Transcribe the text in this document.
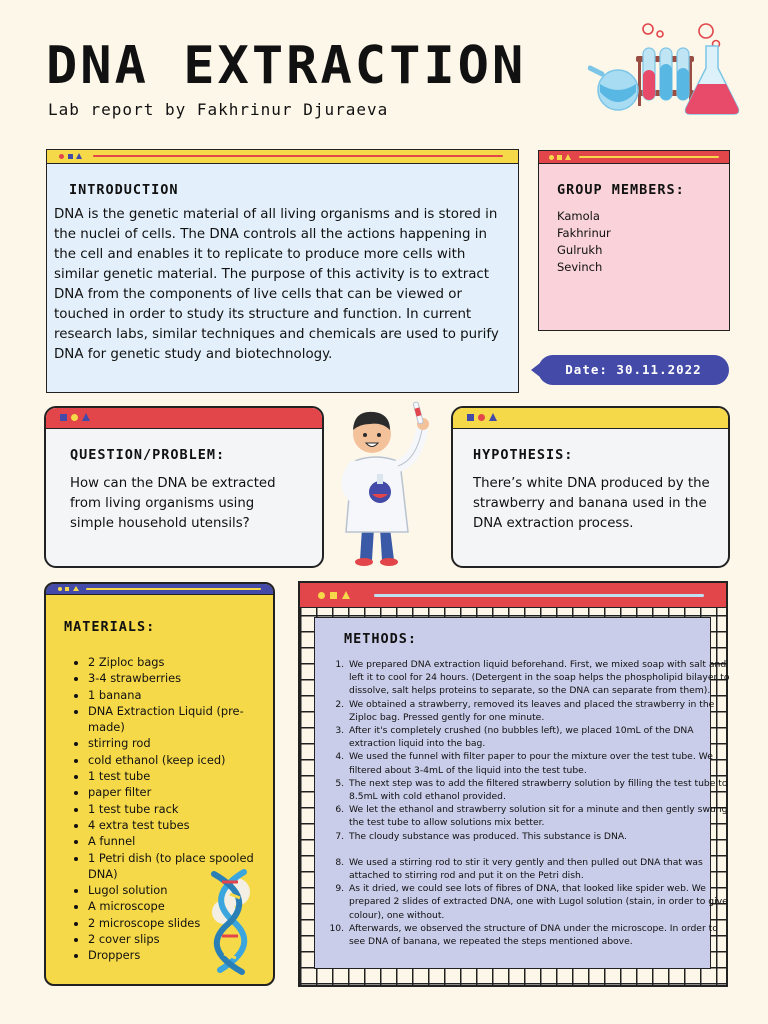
DNA EXTRACTION
Lab report by Fakhrinur Djuraeva
INTRODUCTION
DNA is the genetic material of all living organisms and is stored in the nuclei of cells. The DNA controls all the actions happening in the cell and enables it to replicate to produce more cells with similar genetic material. The purpose of this activity is to extract DNA from the components of live cells that can be viewed or touched in order to study its structure and function. In current research labs, similar techniques and chemicals are used to purify DNA for genetic study and biotechnology.
GROUP MEMBERS:
Kamola
Fakhrinur
Gulrukh
Sevinch
Date: 30.11.2022
QUESTION/PROBLEM:
How can the DNA be extracted from living organisms using simple household utensils?
HYPOTHESIS:
There’s white DNA produced by the strawberry and banana used in the DNA extraction process.
MATERIALS:
• 2 Ziploc bags
• 3-4 strawberries
• 1 banana
• DNA Extraction Liquid (pre-made)
• stirring rod
• cold ethanol (keep iced)
• 1 test tube
• paper filter
• 1 test tube rack
• 4 extra test tubes
• A funnel
• 1 Petri dish (to place spooled DNA)
• Lugol solution
• A microscope
• 2 microscope slides
• 2 cover slips
• Droppers
METHODS:
1. We prepared DNA extraction liquid beforehand. First, we mixed soap with salt and left it to cool for 24 hours. (Detergent in the soap helps the phospholipid bilayer to dissolve, salt helps proteins to separate, so the DNA can separate from them).
2. We obtained a strawberry, removed its leaves and placed the strawberry in the Ziploc bag. Pressed gently for one minute.
3. After it's completely crushed (no bubbles left), we placed 10mL of the DNA extraction liquid into the bag.
4. We used the funnel with filter paper to pour the mixture over the test tube. We filtered about 3-4mL of the liquid into the test tube.
5. The next step was to add the filtered strawberry solution by filling the test tube to 8.5mL with cold ethanol provided.
6. We let the ethanol and strawberry solution sit for a minute and then gently swung the test tube to allow solutions mix better.
7. The cloudy substance was produced. This substance is DNA.
8. We used a stirring rod to stir it very gently and then pulled out DNA that was attached to stirring rod and put it on the Petri dish.
9. As it dried, we could see lots of fibres of DNA, that looked like spider web. We prepared 2 slides of extracted DNA, one with Lugol solution (stain, in order to give colour), one without.
10. Afterwards, we observed the structure of DNA under the microscope. In order to see DNA of banana, we repeated the steps mentioned above.
